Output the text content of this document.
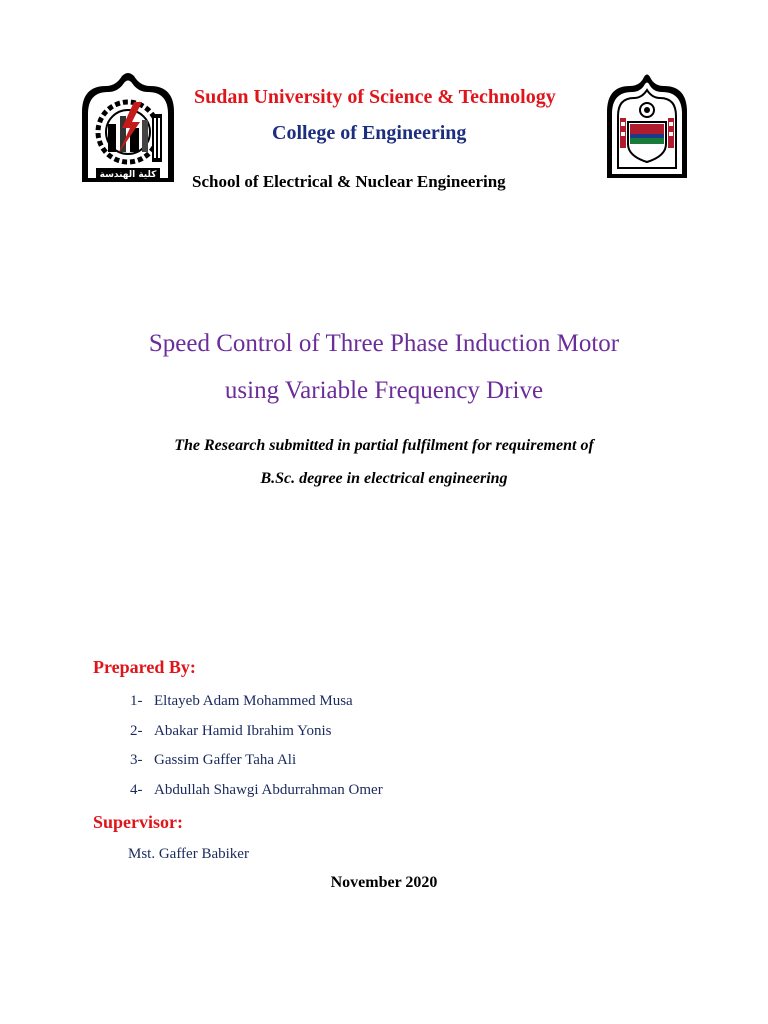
كلية الهندسة
Sudan University of Science & Technology
College of Engineering
School of Electrical & Nuclear Engineering
Speed Control of Three Phase Induction Motor
using Variable Frequency Drive
The Research submitted in partial fulfilment for requirement of
B.Sc. degree in electrical engineering
Prepared By:
1- Eltayeb Adam Mohammed Musa
2- Abakar Hamid Ibrahim Yonis
3- Gassim Gaffer Taha Ali
4- Abdullah Shawgi Abdurrahman Omer
Supervisor:
Mst. Gaffer Babiker
November 2020
